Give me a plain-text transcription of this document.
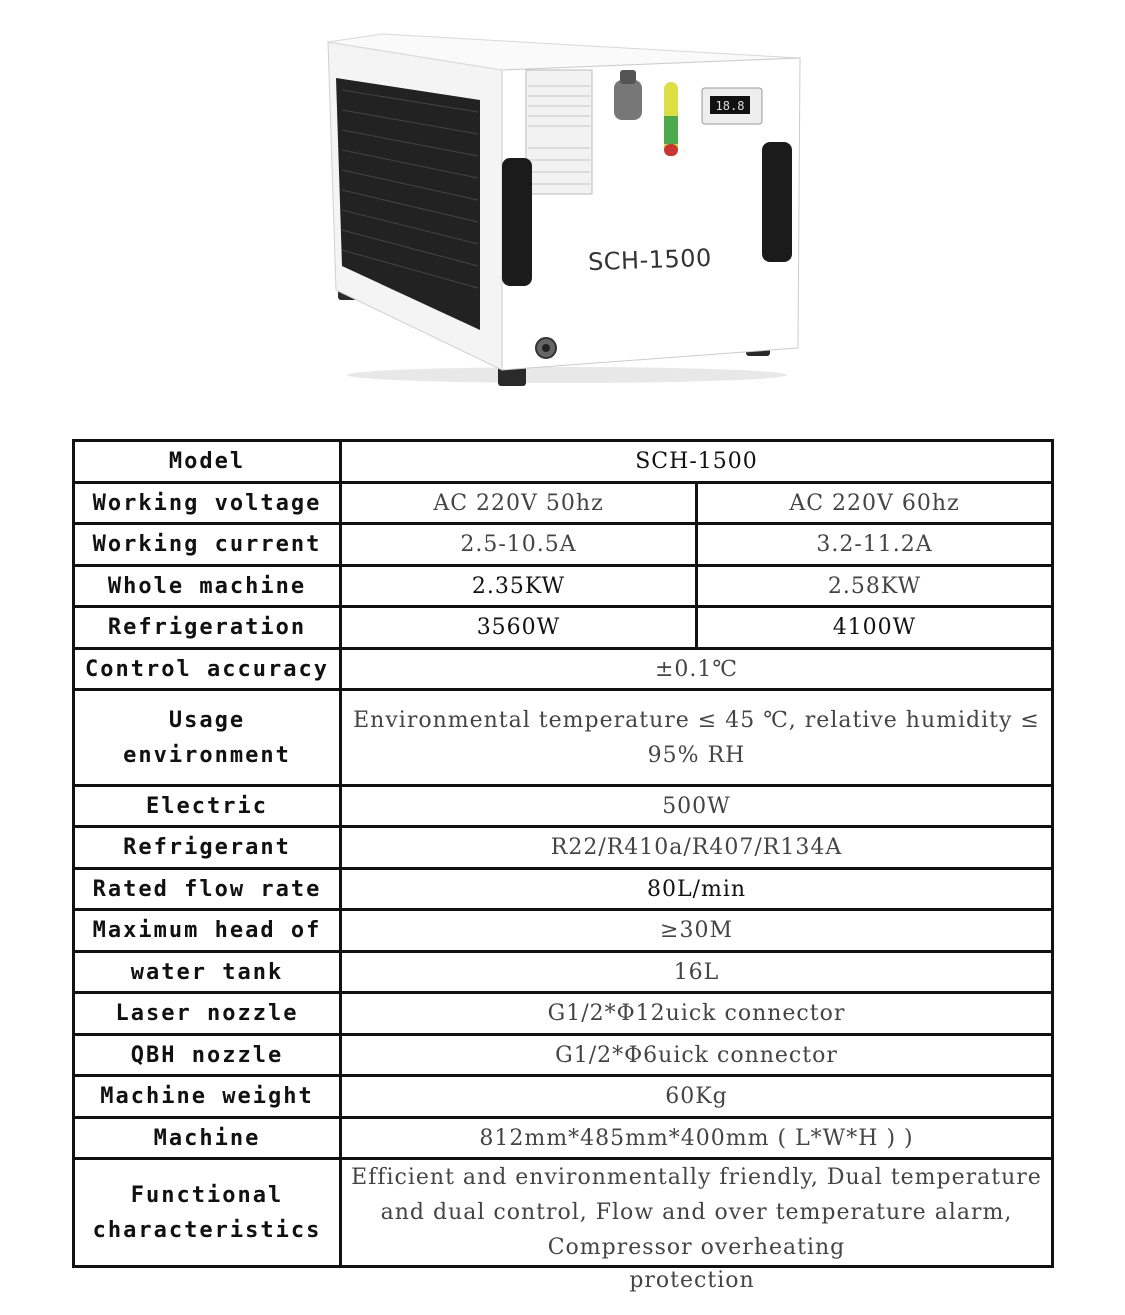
18.8
SCH-1500
Model	SCH-1500	
Working voltage	AC 220V 50hz	AC 220V 60hz
Working current	2.5-10.5A	3.2-11.2A
Whole machine	2.35KW	2.58KW
Refrigeration	3560W	4100W
Control accuracy	±0.1℃	
Usage environment	Environmental temperature ≤ 45 ℃, relative humidity ≤ 95% RH	
Electric	500W	
Refrigerant	R22/R410a/R407/R134A	
Rated flow rate	80L/min	
Maximum head of	≥30M	
water tank	16L	
Laser nozzle	G1/2*Φ12uick connector	
QBH nozzle	G1/2*Φ6uick connector	
Machine weight	60Kg	
Machine	812mm*485mm*400mm ( L*W*H ) )	
Functional characteristics	Efficient and environmentally friendly, Dual temperature and dual control, Flow and over temperature alarm, Compressor overheating	
protection
